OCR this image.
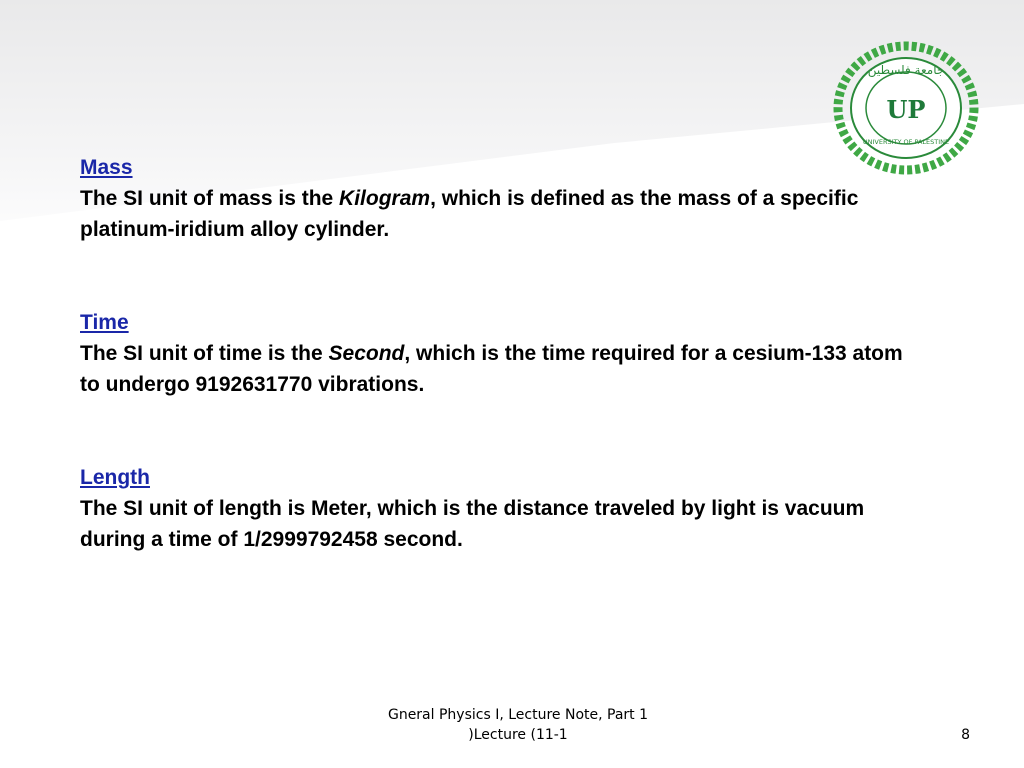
جامعة فلسطين
UP
UNIVERSITY OF PALESTINE
Mass

The SI unit of mass is the Kilogram, which is defined as the mass of a specific platinum-iridium alloy cylinder.

Time

The SI unit of time is the Second, which is the time required for a cesium-133 atom to undergo 9192631770 vibrations.

Length

The SI unit of length is Meter, which is the distance traveled by light is vacuum during a time of 1/2999792458 second.

Gneral Physics I, Lecture Note, Part 1
)Lecture (11-1	8
